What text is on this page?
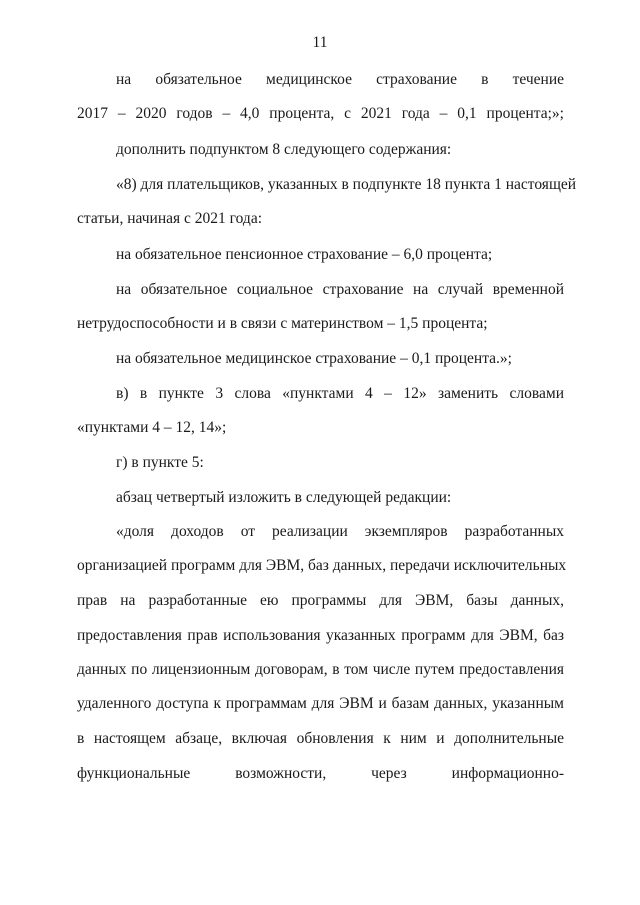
11
на обязательное медицинское страхование в течение
2017 – 2020 годов – 4,0 процента, с 2021 года – 0,1 процента;»;
дополнить подпунктом 8 следующего содержания:
«8) для плательщиков, указанных в подпункте 18 пункта 1 настоящей
статьи, начиная с 2021 года:
на обязательное пенсионное страхование – 6,0 процента;
на обязательное социальное страхование на случай временной
нетрудоспособности и в связи с материнством – 1,5 процента;
на обязательное медицинское страхование – 0,1 процента.»;
в) в пункте 3 слова «пунктами 4 – 12» заменить словами
«пунктами 4 – 12, 14»;
г) в пункте 5:
абзац четвертый изложить в следующей редакции:
«доля доходов от реализации экземпляров разработанных
организацией программ для ЭВМ, баз данных, передачи исключительных
прав на разработанные ею программы для ЭВМ, базы данных,
предоставления прав использования указанных программ для ЭВМ, баз
данных по лицензионным договорам, в том числе путем предоставления
удаленного доступа к программам для ЭВМ и базам данных, указанным
в настоящем абзаце, включая обновления к ним и дополнительные
функциональные возможности, через информационно-
